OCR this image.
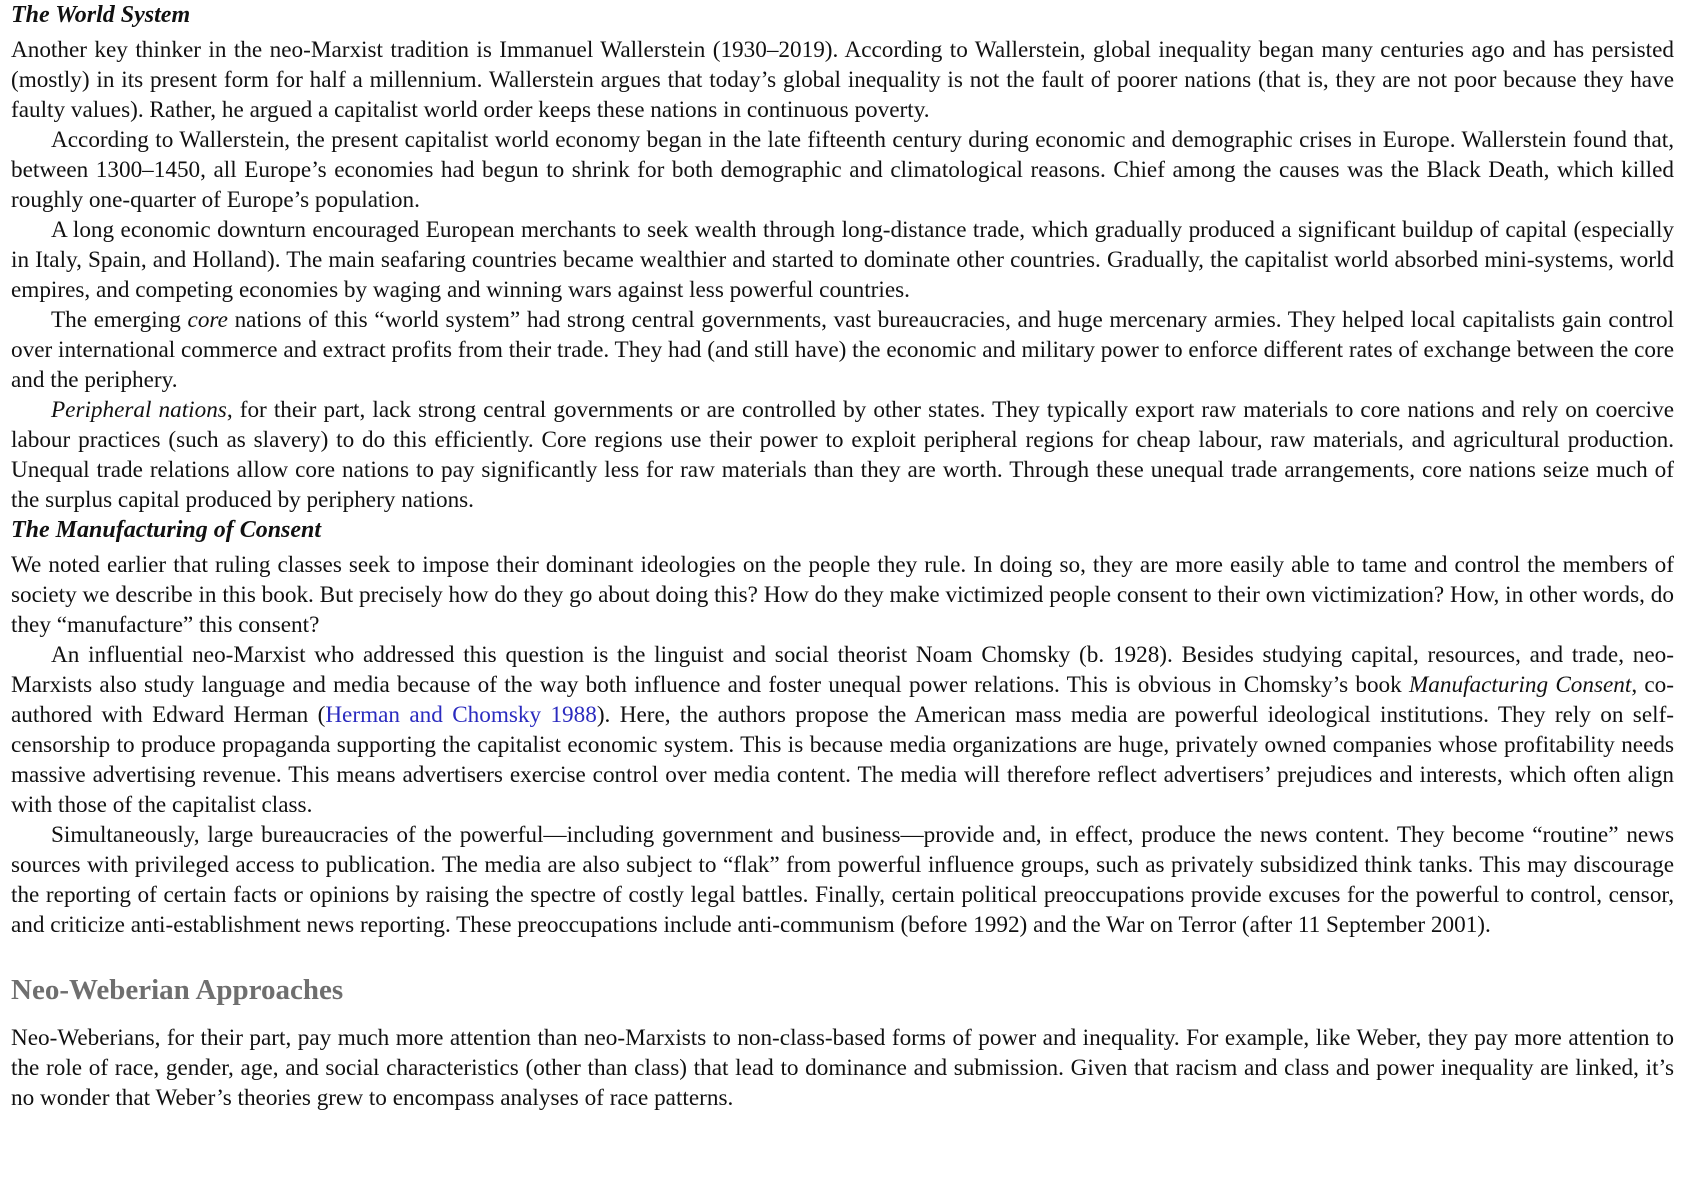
The World System

Another key thinker in the neo-Marxist tradition is Immanuel Wallerstein (1930–2019). According to Wallerstein, global inequality began many centuries ago and has persisted (mostly) in its present form for half a millennium. Wallerstein argues that today’s global inequality is not the fault of poorer nations (that is, they are not poor because they have faulty values). Rather, he argued a capitalist world order keeps these nations in continuous poverty.

According to Wallerstein, the present capitalist world economy began in the late fifteenth century during economic and demographic crises in Europe. Wallerstein found that, between 1300–1450, all Europe’s economies had begun to shrink for both demographic and climatological reasons. Chief among the causes was the Black Death, which killed roughly one-quarter of Europe’s population.

A long economic downturn encouraged European merchants to seek wealth through long-distance trade, which gradually produced a significant buildup of capital (especially in Italy, Spain, and Holland). The main seafaring countries became wealthier and started to dominate other countries. Gradually, the capitalist world absorbed mini-systems, world empires, and competing economies by waging and winning wars against less powerful countries.

The emerging core nations of this “world system” had strong central governments, vast bureaucracies, and huge mercenary armies. They helped local capitalists gain control over international commerce and extract profits from their trade. They had (and still have) the economic and military power to enforce different rates of exchange between the core and the periphery.

Peripheral nations, for their part, lack strong central governments or are controlled by other states. They typically export raw materials to core nations and rely on coercive labour practices (such as slavery) to do this efficiently. Core regions use their power to exploit peripheral regions for cheap labour, raw materials, and agricultural production. Unequal trade relations allow core nations to pay significantly less for raw materials than they are worth. Through these unequal trade arrangements, core nations seize much of the surplus capital produced by periphery nations.

The Manufacturing of Consent

We noted earlier that ruling classes seek to impose their dominant ideologies on the people they rule. In doing so, they are more easily able to tame and control the members of society we describe in this book. But precisely how do they go about doing this? How do they make victimized people consent to their own victimization? How, in other words, do they “manufacture” this consent?

An influential neo-Marxist who addressed this question is the linguist and social theorist Noam Chomsky (b. 1928). Besides studying capital, resources, and trade, neo-Marxists also study language and media because of the way both influence and foster unequal power relations. This is obvious in Chomsky’s book Manufacturing Consent, co-authored with Edward Herman (Herman and Chomsky 1988). Here, the authors propose the American mass media are powerful ideological institutions. They rely on self-censorship to produce propaganda supporting the capitalist economic system. This is because media organizations are huge, privately owned companies whose profitability needs massive advertising revenue. This means advertisers exercise control over media content. The media will therefore reflect advertisers’ prejudices and interests, which often align with those of the capitalist class.

Simultaneously, large bureaucracies of the powerful—including government and business—provide and, in effect, produce the news content. They become “routine” news sources with privileged access to publication. The media are also subject to “flak” from powerful influence groups, such as privately subsidized think tanks. This may discourage the reporting of certain facts or opinions by raising the spectre of costly legal battles. Finally, certain political preoccupations provide excuses for the powerful to control, censor, and criticize anti-establishment news reporting. These preoccupations include anti-communism (before 1992) and the War on Terror (after 11 September 2001).

Neo-Weberian Approaches

Neo-Weberians, for their part, pay much more attention than neo-Marxists to non-class-based forms of power and inequality. For example, like Weber, they pay more attention to the role of race, gender, age, and social characteristics (other than class) that lead to dominance and submission. Given that racism and class and power inequality are linked, it’s no wonder that Weber’s theories grew to encompass analyses of race patterns.
